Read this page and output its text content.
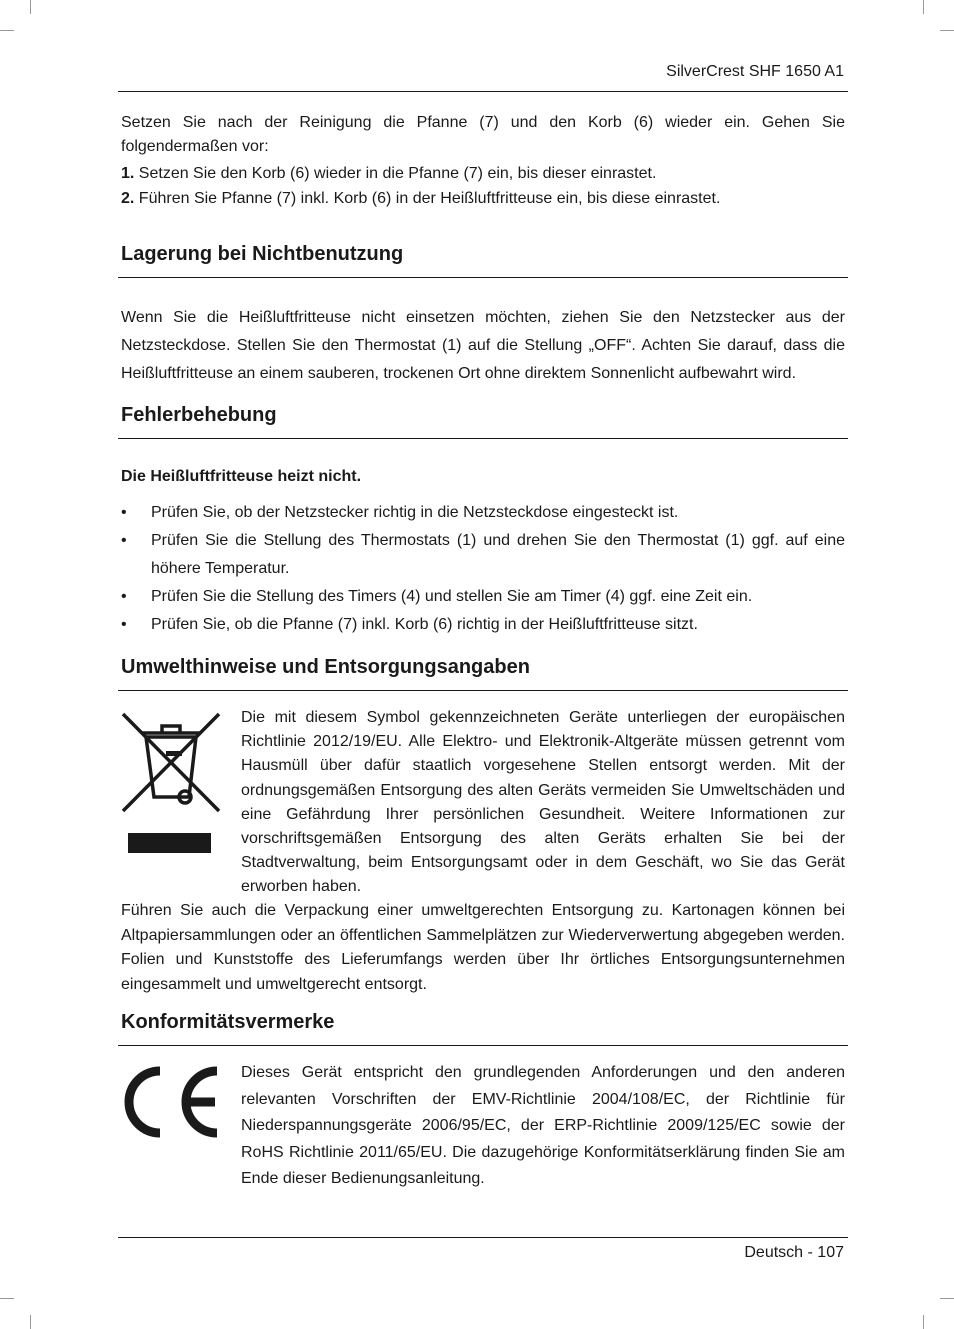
SilverCrest SHF 1650 A1

Setzen Sie nach der Reinigung die Pfanne (7) und den Korb (6) wieder ein. Gehen Sie folgendermaßen vor:

1. Setzen Sie den Korb (6) wieder in die Pfanne (7) ein, bis dieser einrastet.
2. Führen Sie Pfanne (7) inkl. Korb (6) in der Heißluftfritteuse ein, bis diese einrastet.
Lagerung bei Nichtbenutzung

Wenn Sie die Heißluftfritteuse nicht einsetzen möchten, ziehen Sie den Netzstecker aus der Netzsteckdose. Stellen Sie den Thermostat (1) auf die Stellung „OFF“. Achten Sie darauf, dass die Heißluftfritteuse an einem sauberen, trockenen Ort ohne direktem Sonnenlicht aufbewahrt wird.

Fehlerbehebung
Die Heißluftfritteuse heizt nicht.
• Prüfen Sie, ob der Netzstecker richtig in die Netzsteckdose eingesteckt ist.
• Prüfen Sie die Stellung des Thermostats (1) und drehen Sie den Thermostat (1) ggf. auf eine höhere Temperatur.
• Prüfen Sie die Stellung des Timers (4) und stellen Sie am Timer (4) ggf. eine Zeit ein.
• Prüfen Sie, ob die Pfanne (7) inkl. Korb (6) richtig in der Heißluftfritteuse sitzt.
Umwelthinweise und Entsorgungsangaben

Die mit diesem Symbol gekennzeichneten Geräte unterliegen der europäischen Richtlinie 2012/19/EU. Alle Elektro- und Elektronik-Altgeräte müssen getrennt vom Hausmüll über dafür staatlich vorgesehene Stellen entsorgt werden. Mit der ordnungsgemäßen Entsorgung des alten Geräts vermeiden Sie Umweltschäden und eine Gefährdung Ihrer persönlichen Gesundheit. Weitere Informationen zur vorschriftsgemäßen Entsorgung des alten Geräts erhalten Sie bei der Stadtverwaltung, beim Entsorgungsamt oder in dem Geschäft, wo Sie das Gerät erworben haben.

Führen Sie auch die Verpackung einer umweltgerechten Entsorgung zu. Kartonagen können bei Altpapiersammlungen oder an öffentlichen Sammelplätzen zur Wiederverwertung abgegeben werden. Folien und Kunststoffe des Lieferumfangs werden über Ihr örtliches Entsorgungsunternehmen eingesammelt und umweltgerecht entsorgt.

Konformitätsvermerke

Dieses Gerät entspricht den grundlegenden Anforderungen und den anderen relevanten Vorschriften der EMV-Richtlinie 2004/108/EC, der Richtlinie für Niederspannungsgeräte 2006/95/EC, der ERP-Richtlinie 2009/125/EC sowie der RoHS Richtlinie 2011/65/EU. Die dazugehörige Konformitätserklärung finden Sie am Ende dieser Bedienungsanleitung.

Deutsch - 107
